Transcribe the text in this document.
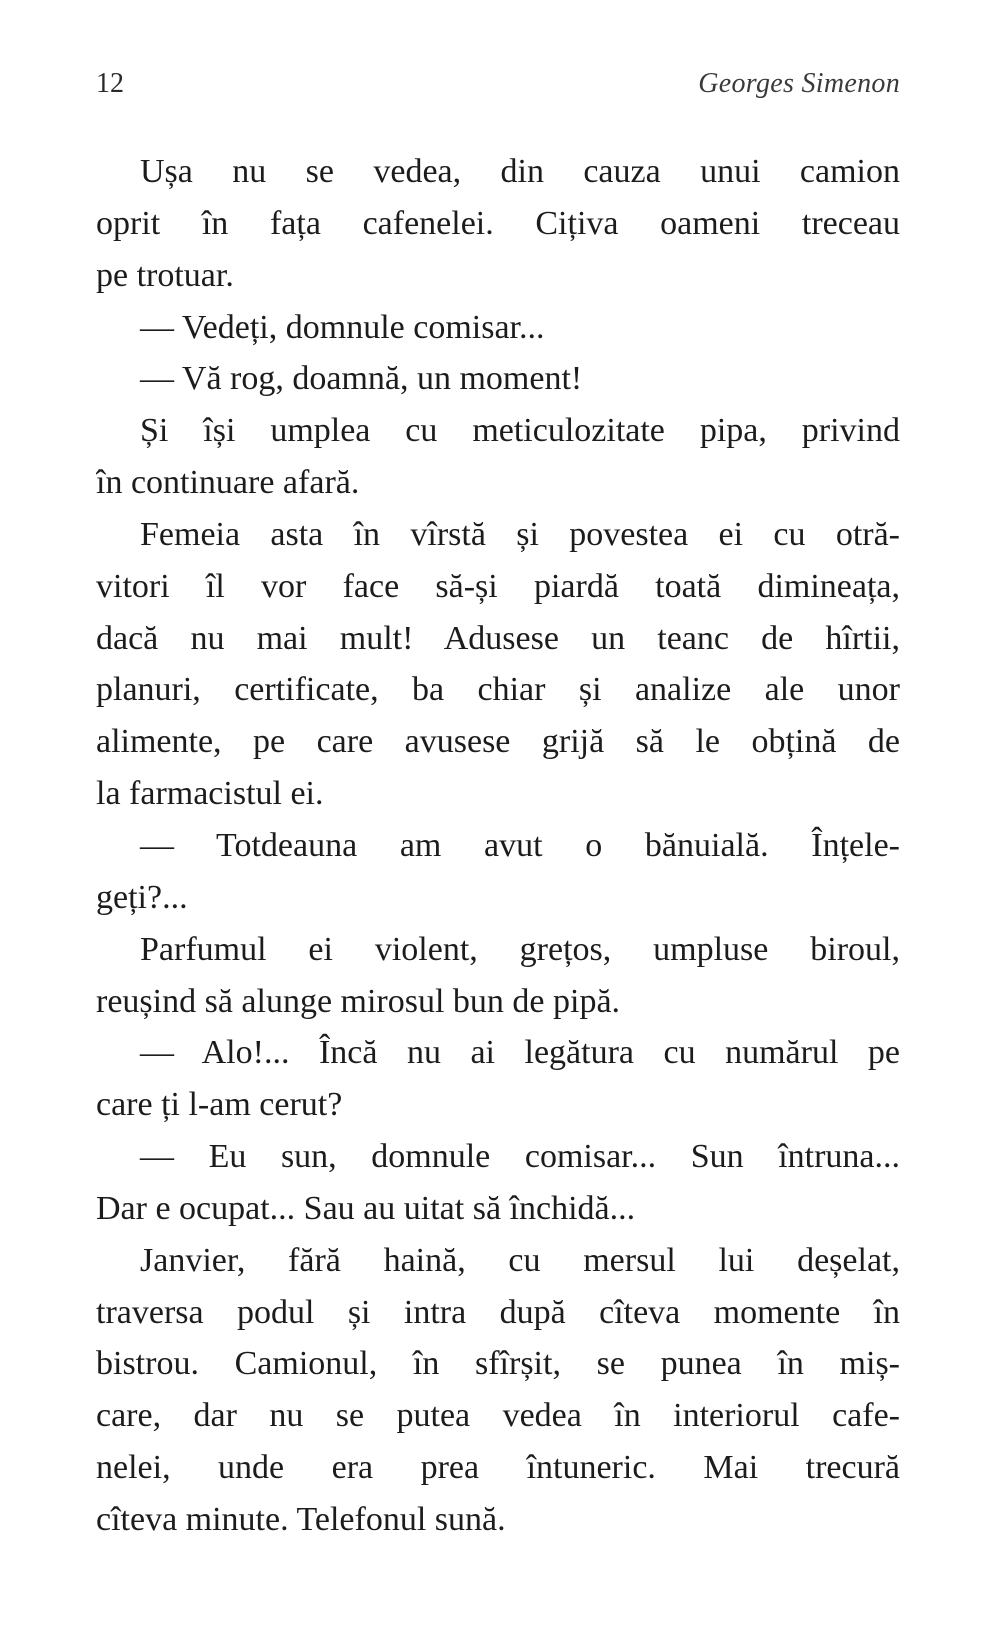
12	Georges Simenon
Ușa nu se vedea, din cauza unui camion
oprit în fața cafenelei. Cițiva oameni treceau
pe trotuar.
— Vedeți, domnule comisar...
— Vă rog, doamnă, un moment!
Și își umplea cu meticulozitate pipa, privind
în continuare afară.
Femeia asta în vîrstă și povestea ei cu otră-
vitori îl vor face să-și piardă toată dimineața,
dacă nu mai mult! Adusese un teanc de hîrtii,
planuri, certificate, ba chiar și analize ale unor
alimente, pe care avusese grijă să le obțină de
la farmacistul ei.
— Totdeauna am avut o bănuială. Înțele-
geți?...
Parfumul ei violent, grețos, umpluse biroul,
reușind să alunge mirosul bun de pipă.
— Alo!... Încă nu ai legătura cu numărul pe
care ți l-am cerut?
— Eu sun, domnule comisar... Sun întruna...
Dar e ocupat... Sau au uitat să închidă...
Janvier, fără haină, cu mersul lui deșelat,
traversa podul și intra după cîteva momente în
bistrou. Camionul, în sfîrșit, se punea în miș-
care, dar nu se putea vedea în interiorul cafe-
nelei, unde era prea întuneric. Mai trecură
cîteva minute. Telefonul sună.
